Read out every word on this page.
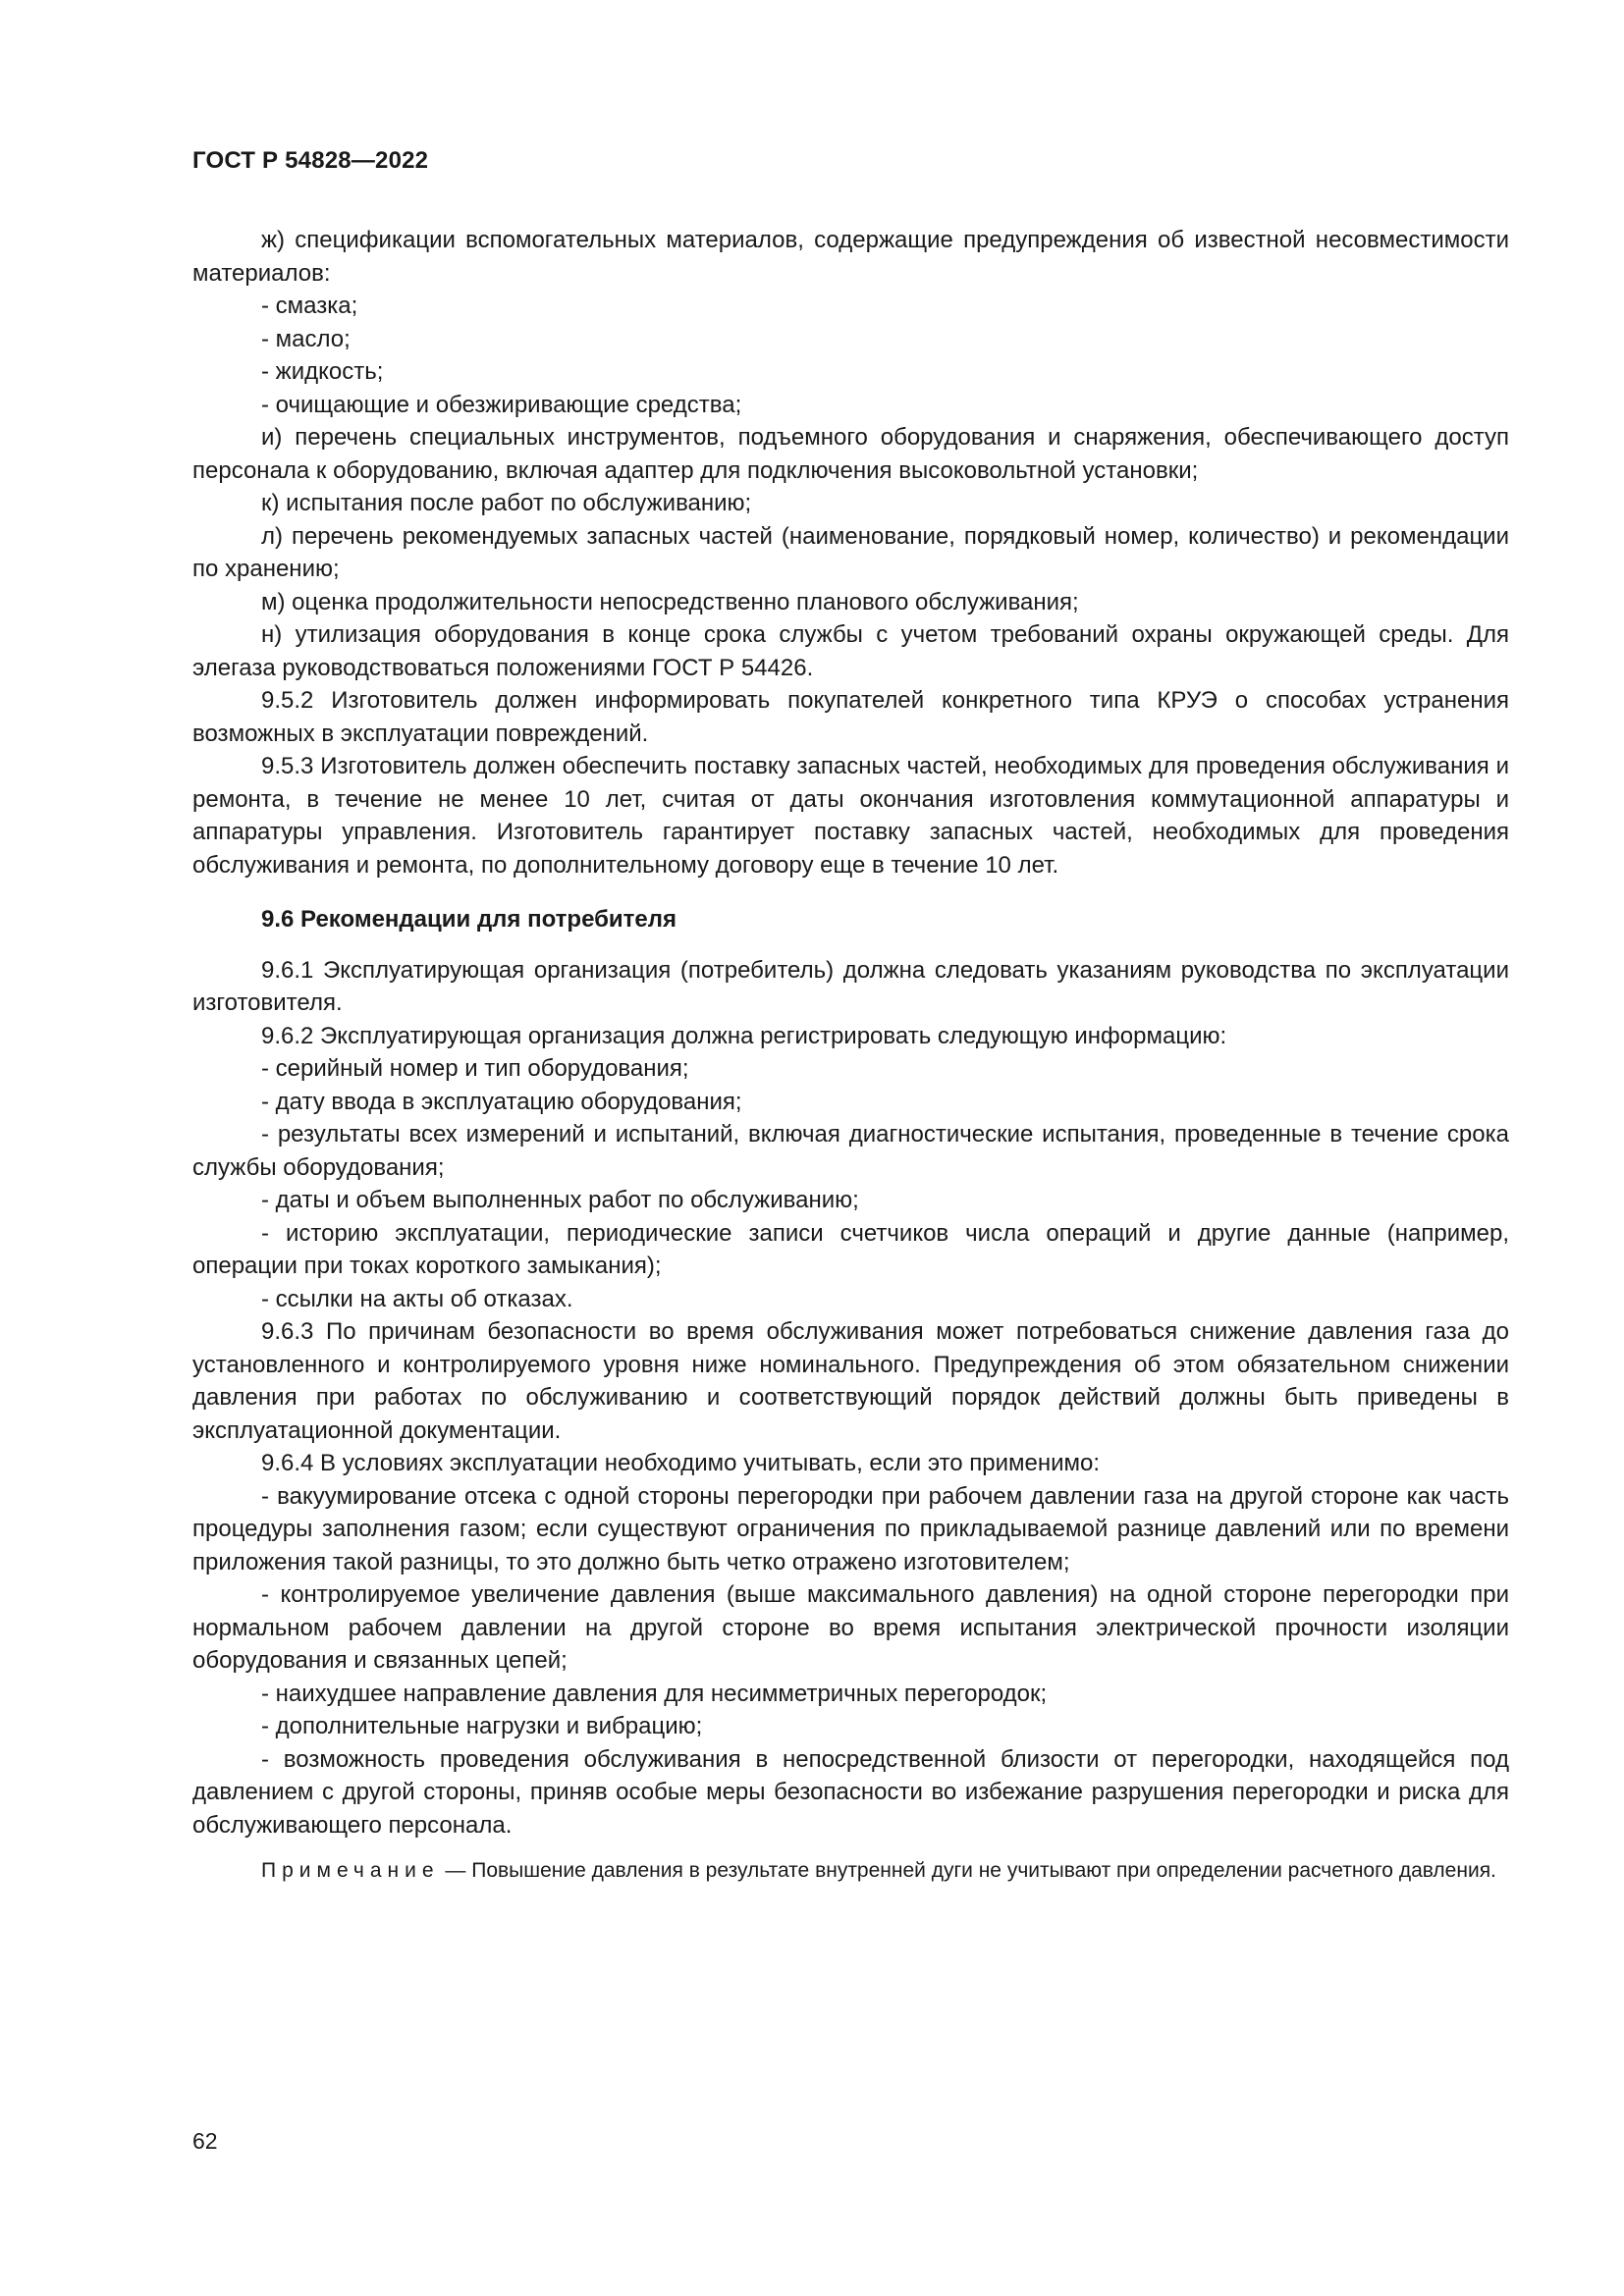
ГОСТ Р 54828—2022

ж) спецификации вспомогательных материалов, содержащие предупреждения об известной несовместимости материалов:

- смазка;

- масло;

- жидкость;

- очищающие и обезжиривающие средства;

и) перечень специальных инструментов, подъемного оборудования и снаряжения, обеспечивающего доступ персонала к оборудованию, включая адаптер для подключения высоковольтной установки;

к) испытания после работ по обслуживанию;

л) перечень рекомендуемых запасных частей (наименование, порядковый номер, количество) и рекомендации по хранению;

м) оценка продолжительности непосредственно планового обслуживания;

н) утилизация оборудования в конце срока службы с учетом требований охраны окружающей среды. Для элегаза руководствоваться положениями ГОСТ Р 54426.

9.5.2 Изготовитель должен информировать покупателей конкретного типа КРУЭ о способах устранения возможных в эксплуатации повреждений.

9.5.3 Изготовитель должен обеспечить поставку запасных частей, необходимых для проведения обслуживания и ремонта, в течение не менее 10 лет, считая от даты окончания изготовления коммутационной аппаратуры и аппаратуры управления. Изготовитель гарантирует поставку запасных частей, необходимых для проведения обслуживания и ремонта, по дополнительному договору еще в течение 10 лет.

9.6 Рекомендации для потребителя

9.6.1 Эксплуатирующая организация (потребитель) должна следовать указаниям руководства по эксплуатации изготовителя.

9.6.2 Эксплуатирующая организация должна регистрировать следующую информацию:

- серийный номер и тип оборудования;

- дату ввода в эксплуатацию оборудования;

- результаты всех измерений и испытаний, включая диагностические испытания, проведенные в течение срока службы оборудования;

- даты и объем выполненных работ по обслуживанию;

- историю эксплуатации, периодические записи счетчиков числа операций и другие данные (например, операции при токах короткого замыкания);

- ссылки на акты об отказах.

9.6.3 По причинам безопасности во время обслуживания может потребоваться снижение давления газа до установленного и контролируемого уровня ниже номинального. Предупреждения об этом обязательном снижении давления при работах по обслуживанию и соответствующий порядок действий должны быть приведены в эксплуатационной документации.

9.6.4 В условиях эксплуатации необходимо учитывать, если это применимо:

- вакуумирование отсека с одной стороны перегородки при рабочем давлении газа на другой стороне как часть процедуры заполнения газом; если существуют ограничения по прикладываемой разнице давлений или по времени приложения такой разницы, то это должно быть четко отражено изготовителем;

- контролируемое увеличение давления (выше максимального давления) на одной стороне перегородки при нормальном рабочем давлении на другой стороне во время испытания электрической прочности изоляции оборудования и связанных цепей;

- наихудшее направление давления для несимметричных перегородок;

- дополнительные нагрузки и вибрацию;

- возможность проведения обслуживания в непосредственной близости от перегородки, находящейся под давлением с другой стороны, приняв особые меры безопасности во избежание разрушения перегородки и риска для обслуживающего персонала.

Примечание — Повышение давления в результате внутренней дуги не учитывают при определении расчетного давления.

62
